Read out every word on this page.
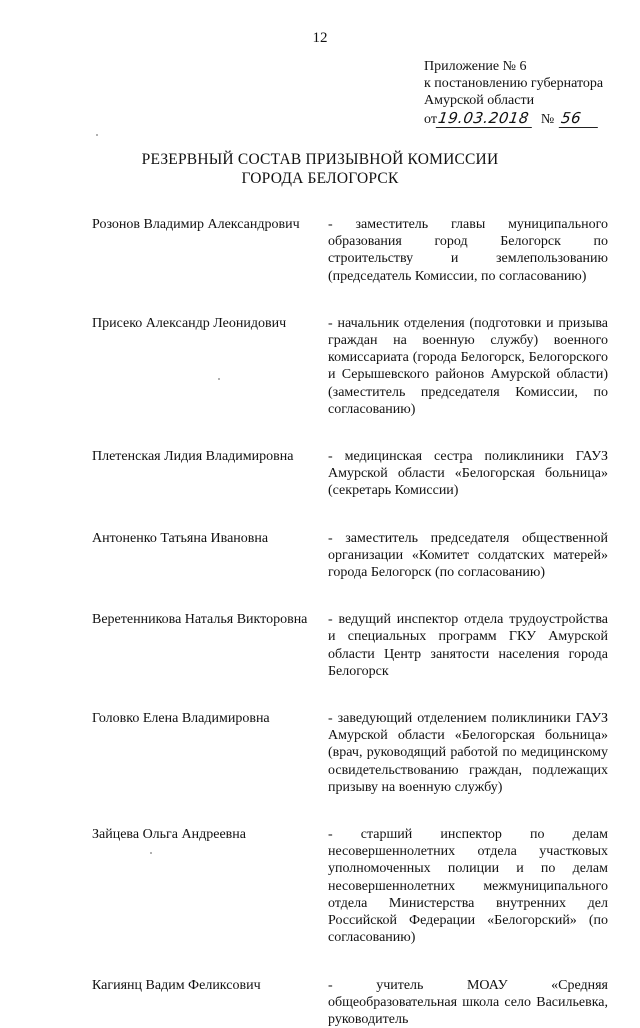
12
Приложение № 6
к постановлению губернатора
Амурской области
от 19.03.2018 № 56
РЕЗЕРВНЫЙ СОСТАВ ПРИЗЫВНОЙ КОМИССИИ
ГОРОДА БЕЛОГОРСК
Розонов Владимир Александрович	- заместитель главы муниципального образования город Белогорск по строительству и землепользованию (председатель Комиссии, по согласованию)
Присеко Александр Леонидович	- начальник отделения (подготовки и призыва граждан на военную службу) военного комиссариата (города Белогорск, Белогорского и Серышевского районов Амурской области) (заместитель председателя Комиссии, по согласованию)
Плетенская Лидия Владимировна	- медицинская сестра поликлиники ГАУЗ Амурской области «Белогорская больница» (секретарь Комиссии)
Антоненко Татьяна Ивановна	- заместитель председателя общественной организации «Комитет солдатских матерей» города Белогорск (по согласованию)
Веретенникова Наталья Викторовна	- ведущий инспектор отдела трудоустройства и специальных программ ГКУ Амурской области Центр занятости населения города Белогорск
Головко Елена Владимировна	- заведующий отделением поликлиники ГАУЗ Амурской области «Белогорская больница» (врач, руководящий работой по медицинскому освидетельствованию граждан, подлежащих призыву на военную службу)
Зайцева Ольга Андреевна	- старший инспектор по делам несовершеннолетних отдела участковых уполномоченных полиции и по делам несовершеннолетних межмуниципального отдела Министерства внутренних дел Российской Федерации «Белогорский» (по согласованию)
Кагиянц Вадим Феликсович	- учитель МОАУ «Средняя общеобразовательная школа село Васильевка, руководитель
